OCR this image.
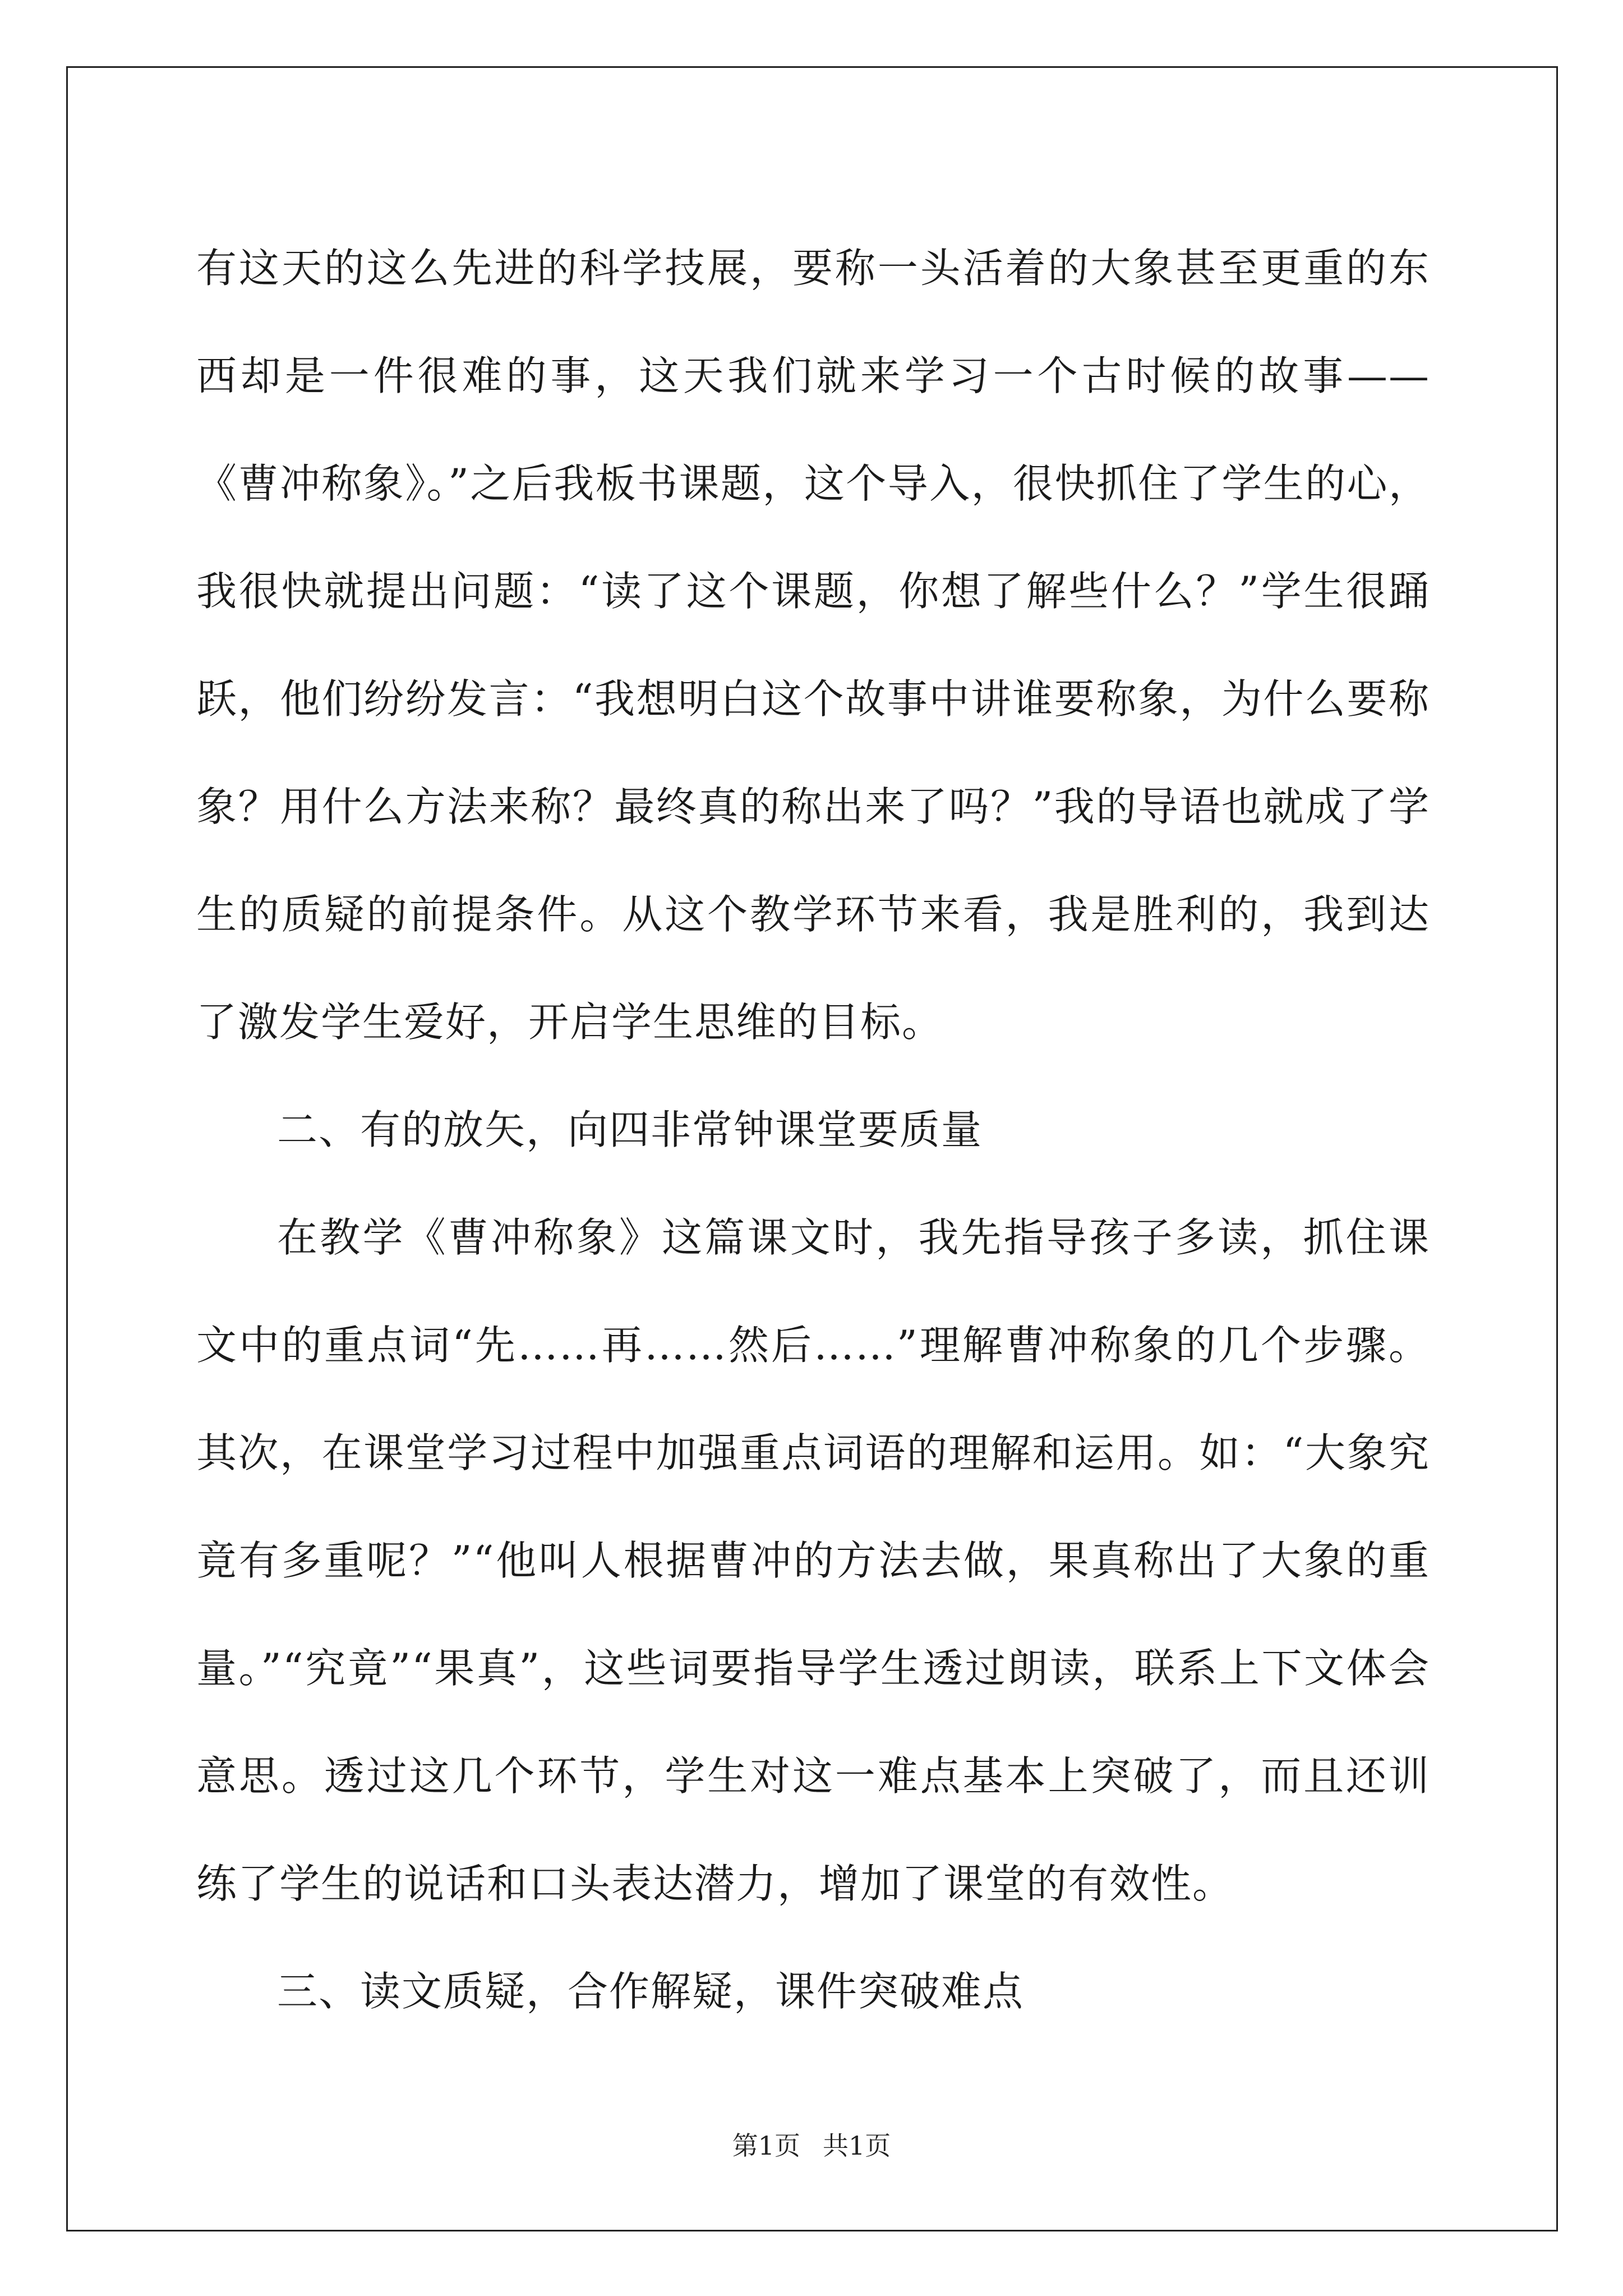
有这天的这么先进的科学技展，要称一头活着的大象甚至更重的东西却是一件很难的事，这天我们就来学习一个古时候的故事——《曹冲称象》。”之后我板书课题，这个导入，很快抓住了学生的心，我很快就提出问题：“读了这个课题，你想了解些什么？”学生很踊跃，他们纷纷发言：“我想明白这个故事中讲谁要称象，为什么要称象？用什么方法来称？最终真的称出来了吗？”我的导语也就成了学生的质疑的前提条件。从这个教学环节来看，我是胜利的，我到达了激发学生爱好，开启学生思维的目标。

二、有的放矢，向四非常钟课堂要质量

在教学《曹冲称象》这篇课文时，我先指导孩子多读，抓住课文中的重点词“先……再……然后……”理解曹冲称象的几个步骤。其次，在课堂学习过程中加强重点词语的理解和运用。如：“大象究竟有多重呢？”“他叫人根据曹冲的方法去做，果真称出了大象的重量。”“究竟”“果真”，这些词要指导学生透过朗读，联系上下文体会意思。透过这几个环节，学生对这一难点基本上突破了，而且还训练了学生的说话和口头表达潜力，增加了课堂的有效性。

三、读文质疑，合作解疑，课件突破难点

第1页 共1页
